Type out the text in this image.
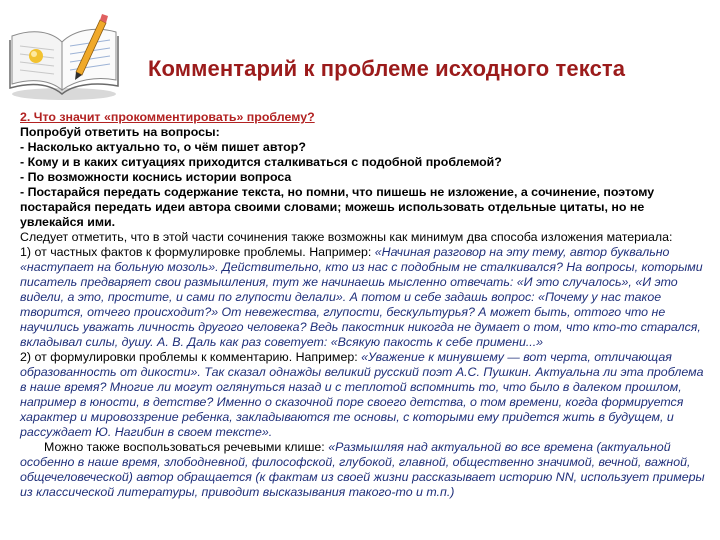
Комментарий к проблеме исходного текста

2. Что значит «прокомментировать» проблему?

Попробуй ответить на вопросы:

- Насколько актуально то, о чём пишет автор?

- Кому и в каких ситуациях приходится сталкиваться с подобной проблемой?

- По возможности коснись истории вопроса

- Постарайся передать содержание текста, но помни, что пишешь не изложение, а сочинение, поэтому постарайся передать идеи автора своими словами; можешь использовать отдельные цитаты, но не увлекайся ими.

Следует отметить, что в этой части сочинения также возможны как минимум два способа изложения материала:

1) от частных фактов к формулировке проблемы. Например: «Начиная разговор на эту тему, автор буквально «наступает на больную мозоль». Действительно, кто из нас с подобным не сталкивался? На вопросы, которыми писатель предваряет свои размышления, тут же начинаешь мысленно отвечать: «И это случалось», «И это видели, а это, простите, и сами по глупости делали». А потом и себе задашь вопрос: «Почему у нас такое творится, отчего происходит?» От невежества, глупости, бескультурья? А может быть, оттого что не научились уважать личность другого человека? Ведь пакостник никогда не думает о том, что кто-то старался, вкладывал силы, душу. А. В. Даль как раз советует: «Всякую пакость к себе примени...»

2) от формулировки проблемы к комментарию. Например: «Уважение к минувшему — вот черта, отличающая образованность от дикости». Так сказал однажды великий русский поэт А.С. Пушкин. Актуальна ли эта проблема в наше время? Многие ли могут оглянуться назад и с теплотой вспомнить то, что было в далеком прошлом, например в юности, в детстве? Именно о сказочной поре своего детства, о том времени, когда формируется характер и мировоззрение ребенка, закладываются те основы, с которыми ему придется жить в будущем, и рассуждает Ю. Нагибин в своем тексте».

Можно также воспользоваться речевыми клише: «Размышляя над актуальной во все времена (актуальной особенно в наше время, злободневной, философской, глубокой, главной, общественно значимой, вечной, важной, общечеловеческой) автор обращается (к фактам из своей жизни рассказывает историю NN, использует примеры из классической литературы, приводит высказывания такого-то и т.п.)
